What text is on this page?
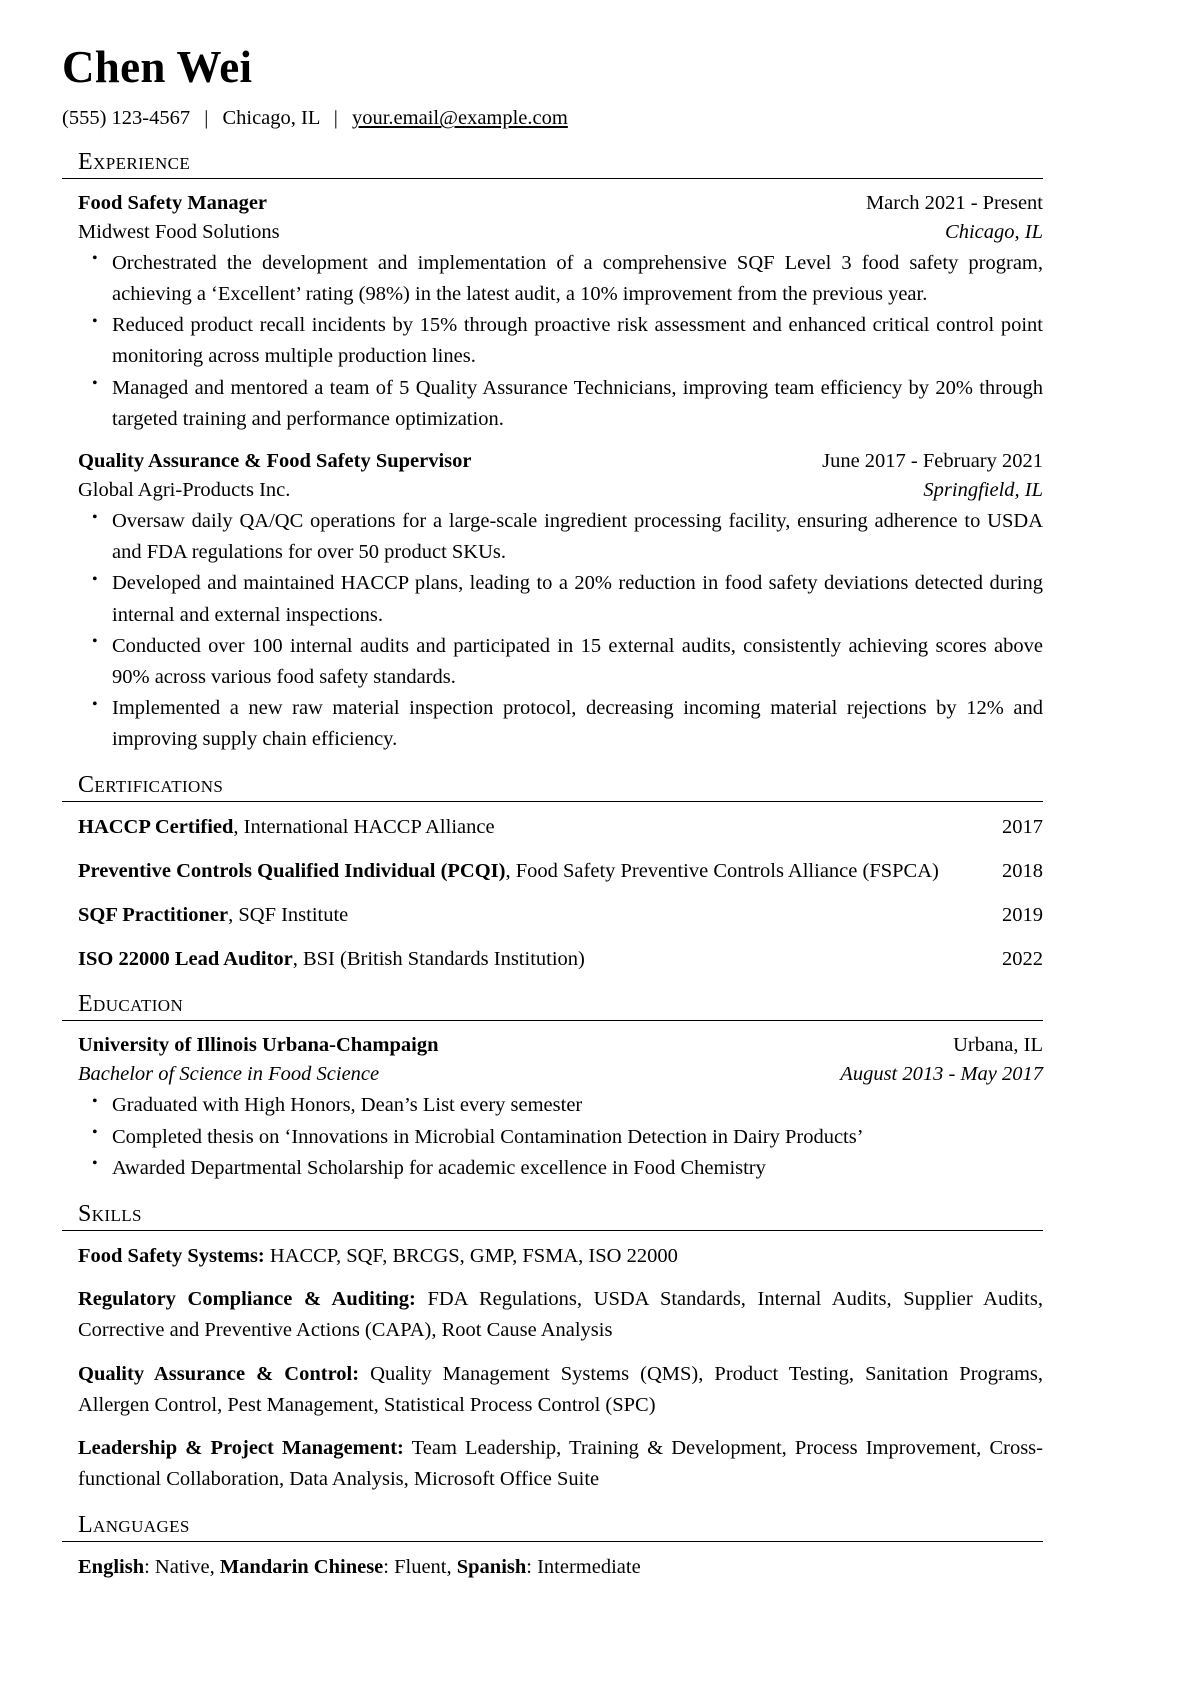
Chen Wei
(555) 123-4567 | Chicago, IL | your.email@example.com
Experience
Food Safety Manager	March 2021 - Present
Midwest Food Solutions	Chicago, IL
• Orchestrated the development and implementation of a comprehensive SQF Level 3 food safety program, achieving a ‘Excellent’ rating (98%) in the latest audit, a 10% improvement from the previous year.
• Reduced product recall incidents by 15% through proactive risk assessment and enhanced critical control point monitoring across multiple production lines.
• Managed and mentored a team of 5 Quality Assurance Technicians, improving team efficiency by 20% through targeted training and performance optimization.
Quality Assurance & Food Safety Supervisor	June 2017 - February 2021
Global Agri-Products Inc.	Springfield, IL
• Oversaw daily QA/QC operations for a large-scale ingredient processing facility, ensuring adherence to USDA and FDA regulations for over 50 product SKUs.
• Developed and maintained HACCP plans, leading to a 20% reduction in food safety deviations detected during internal and external inspections.
• Conducted over 100 internal audits and participated in 15 external audits, consistently achieving scores above 90% across various food safety standards.
• Implemented a new raw material inspection protocol, decreasing incoming material rejections by 12% and improving supply chain efficiency.
Certifications
HACCP Certified, International HACCP Alliance	2017
Preventive Controls Qualified Individual (PCQI), Food Safety Preventive Controls Alliance (FSPCA)	2018
SQF Practitioner, SQF Institute	2019
ISO 22000 Lead Auditor, BSI (British Standards Institution)	2022
Education
University of Illinois Urbana-Champaign	Urbana, IL
Bachelor of Science in Food Science	August 2013 - May 2017
• Graduated with High Honors, Dean’s List every semester
• Completed thesis on ‘Innovations in Microbial Contamination Detection in Dairy Products’
• Awarded Departmental Scholarship for academic excellence in Food Chemistry
Skills
Food Safety Systems: HACCP, SQF, BRCGS, GMP, FSMA, ISO 22000
Regulatory Compliance & Auditing: FDA Regulations, USDA Standards, Internal Audits, Supplier Audits, Corrective and Preventive Actions (CAPA), Root Cause Analysis
Quality Assurance & Control: Quality Management Systems (QMS), Product Testing, Sanitation Programs, Allergen Control, Pest Management, Statistical Process Control (SPC)
Leadership & Project Management: Team Leadership, Training & Development, Process Improvement, Cross-functional Collaboration, Data Analysis, Microsoft Office Suite
Languages
English: Native, Mandarin Chinese: Fluent, Spanish: Intermediate
